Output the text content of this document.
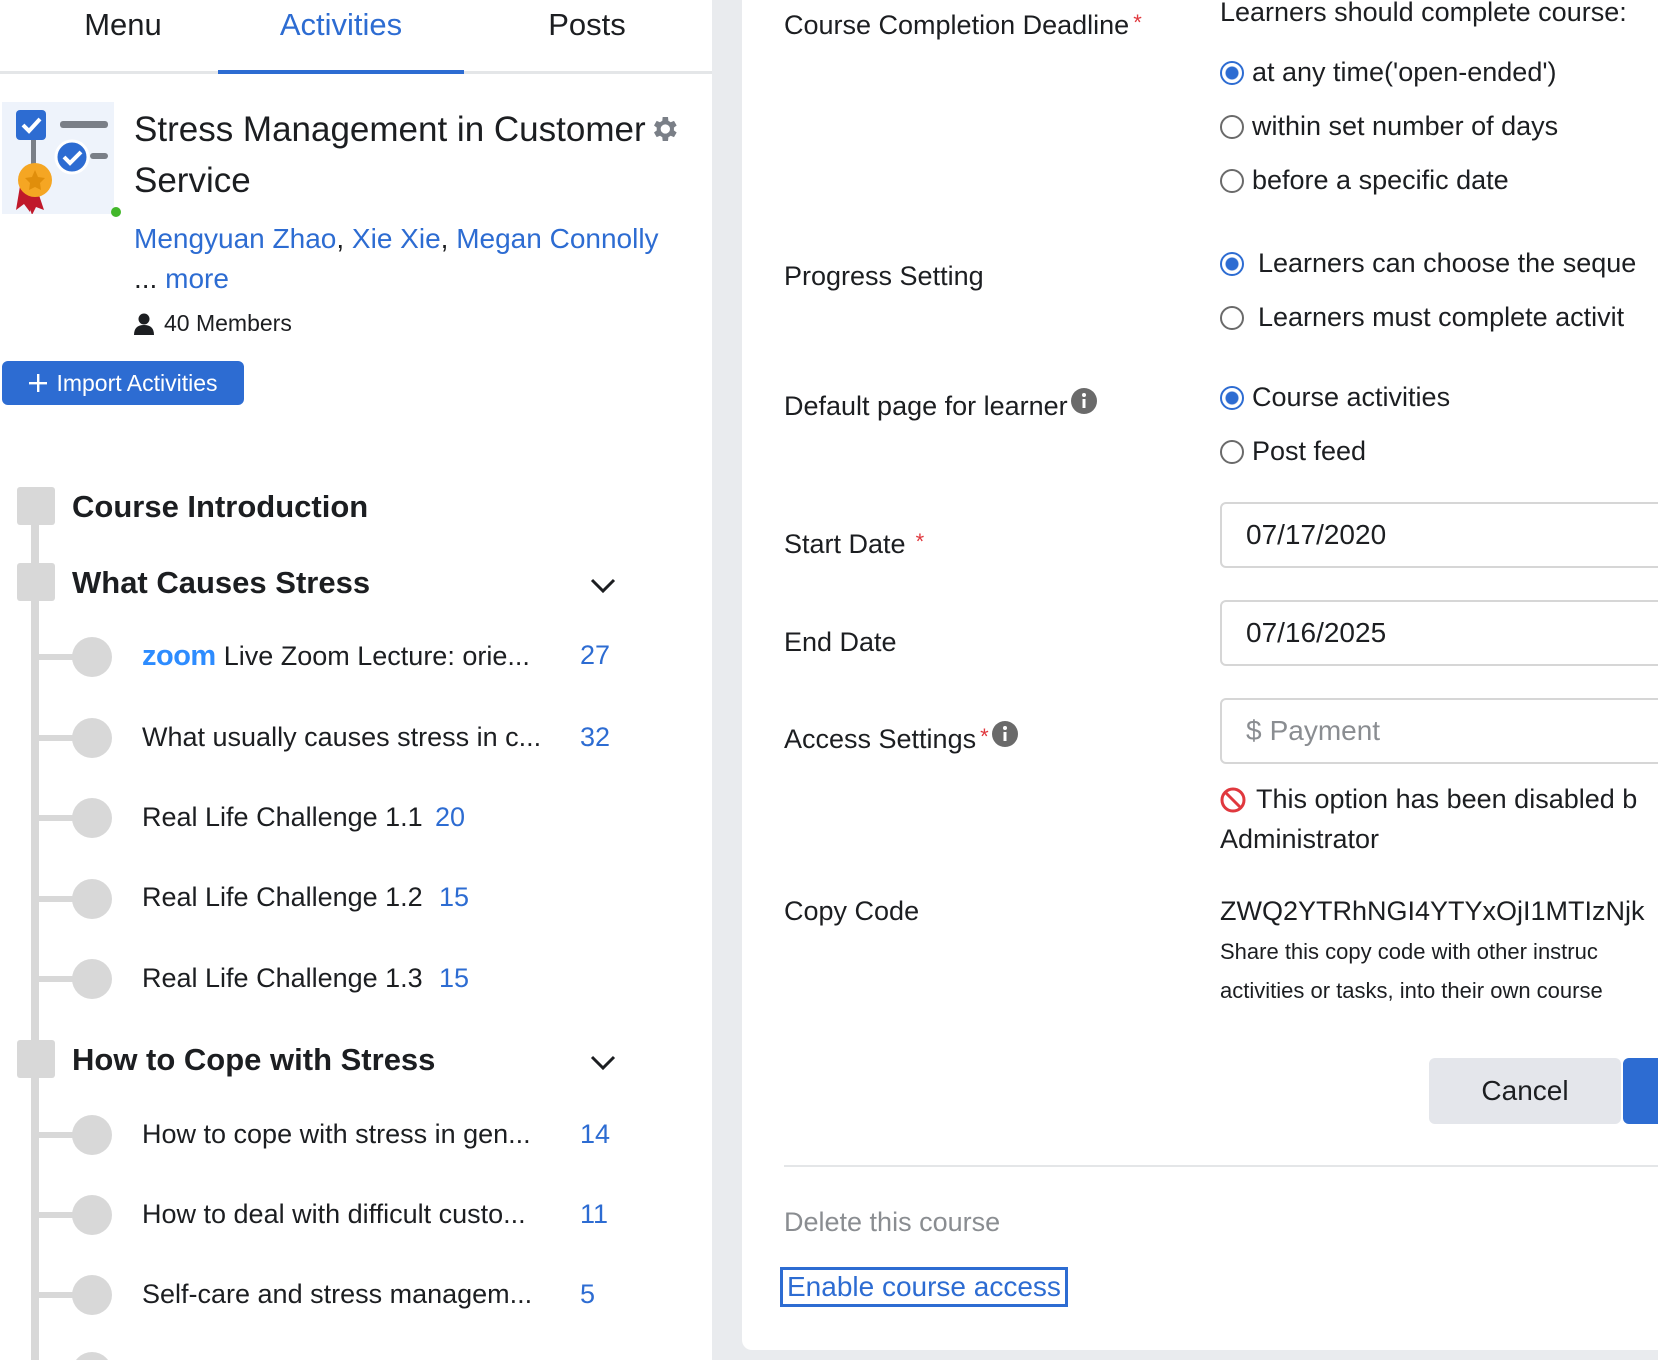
Menu	Activities	Posts
Stress Management in Customer Service
Mengyuan Zhao, Xie Xie, Megan Connolly
... more
40 Members
Import Activities
Course Introduction
What Causes Stress
zoom Live Zoom Lecture: orie... 27
What usually causes stress in c... 32
Real Life Challenge 1.1 20
Real Life Challenge 1.2 15
Real Life Challenge 1.3 15
How to Cope with Stress
How to cope with stress in gen... 14
How to deal with difficult custo... 11
Self-care and stress managem... 5
Course Completion Deadline *	Learners should complete course:
at any time('open-ended')
within set number of days
before a specific date
Progress Setting	Learners can choose the seque
Learners must complete activit
Default page for learner	Course activities
Post feed
Start Date *	07/17/2020
End Date	07/16/2025
Access Settings *	$ Payment
This option has been disabled b
Administrator
Copy Code	ZWQ2YTRhNGI4YTYxOjI1MTIzNjk
Share this copy code with other instruc
activities or tasks, into their own course
Cancel
Delete this course
Enable course access
